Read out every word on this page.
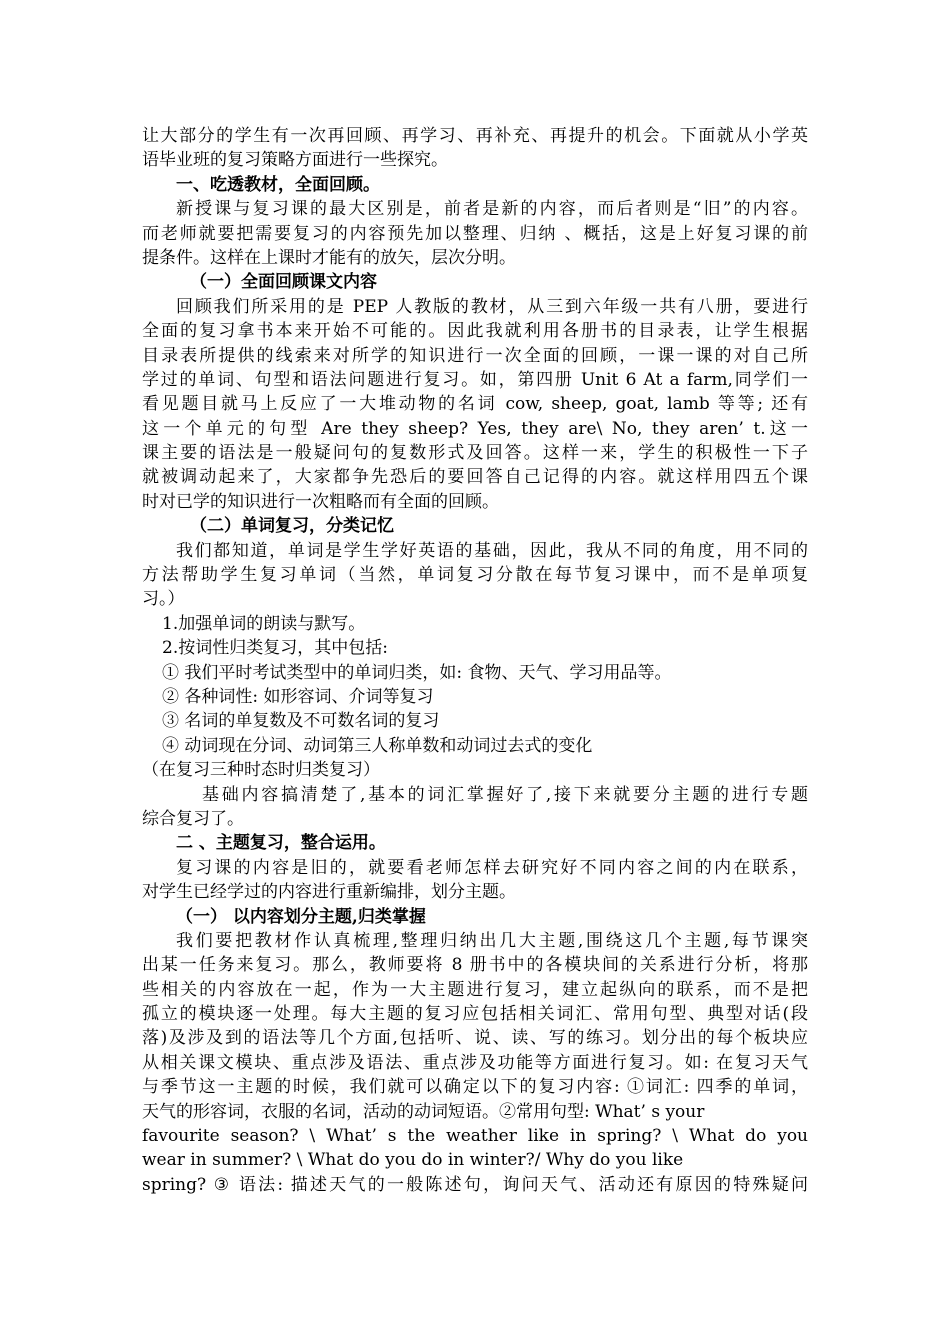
让大部分的学生有一次再回顾、再学习、再补充、再提升的机会。下面就从小学英
语毕业班的复习策略方面进行一些探究。
一、吃透教材，全面回顾。
新授课与复习课的最大区别是，前者是新的内容，而后者则是“旧”的内容。
而老师就要把需要复习的内容预先加以整理、归纳 、概括，这是上好复习课的前
提条件。这样在上课时才能有的放矢，层次分明。
（一）全面回顾课文内容
回顾我们所采用的是 PEP 人教版的教材，从三到六年级一共有八册，要进行
全面的复习拿书本来开始不可能的。因此我就利用各册书的目录表，让学生根据
目录表所提供的线索来对所学的知识进行一次全面的回顾，一课一课的对自己所
学过的单词、句型和语法问题进行复习。如，第四册 Unit 6 At a farm,同学们一
看见题目就马上反应了一大堆动物的名词 cow, sheep, goat, lamb 等等; 还有
这一个单元的句型 Are they sheep? Yes, they are\ No, they aren’ t.这一
课主要的语法是一般疑问句的复数形式及回答。这样一来，学生的积极性一下子
就被调动起来了，大家都争先恐后的要回答自己记得的内容。就这样用四五个课
时对已学的知识进行一次粗略而有全面的回顾。
（二）单词复习，分类记忆
我们都知道，单词是学生学好英语的基础，因此，我从不同的角度，用不同的
方法帮助学生复习单词（当然，单词复习分散在每节复习课中，而不是单项复
习。）
1.加强单词的朗读与默写。
2.按词性归类复习，其中包括:
① 我们平时考试类型中的单词归类，如: 食物、天气、学习用品等。
② 各种词性: 如形容词、介词等复习
③ 名词的单复数及不可数名词的复习
④ 动词现在分词、动词第三人称单数和动词过去式的变化
（在复习三种时态时归类复习）
基础内容搞清楚了,基本的词汇掌握好了,接下来就要分主题的进行专题
综合复习了。
二 、主题复习，整合运用。
复习课的内容是旧的，就要看老师怎样去研究好不同内容之间的内在联系，
对学生已经学过的内容进行重新编排，划分主题。
（一） 以内容划分主题,归类掌握
我们要把教材作认真梳理,整理归纳出几大主题,围绕这几个主题,每节课突
出某一任务来复习。那么，教师要将 8 册书中的各模块间的关系进行分析，将那
些相关的内容放在一起，作为一大主题进行复习，建立起纵向的联系，而不是把
孤立的模块逐一处理。每大主题的复习应包括相关词汇、常用句型、典型对话(段
落)及涉及到的语法等几个方面,包括听、说、读、写的练习。划分出的每个板块应
从相关课文模块、重点涉及语法、重点涉及功能等方面进行复习。如: 在复习天气
与季节这一主题的时候，我们就可以确定以下的复习内容: ①词汇: 四季的单词，
天气的形容词，衣服的名词，活动的动词短语。②常用句型: What’ s your
favourite season? \ What’ s the weather like in spring? \ What do you
wear in summer? \ What do you do in winter?/ Why do you like
spring? ③ 语法: 描述天气的一般陈述句，询问天气、活动还有原因的特殊疑问
